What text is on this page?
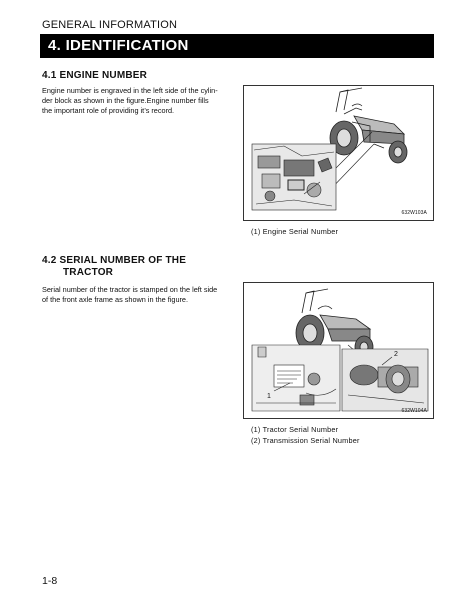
GENERAL INFORMATION
4. IDENTIFICATION
4.1 ENGINE NUMBER
Engine number is engraved in the left side of the cylin-
der block as shown in the figure.Engine number fills
the important role of providing it’s record.
632W103A
(1) Engine Serial Number
4.2 SERIAL NUMBER OF THE
TRACTOR
Serial number of the tractor is stamped on the left side
of the front axle frame as shown in the figure.
1
2
632W104A
(1) Tractor Serial Number
(2) Transmission Serial Number
1-8
